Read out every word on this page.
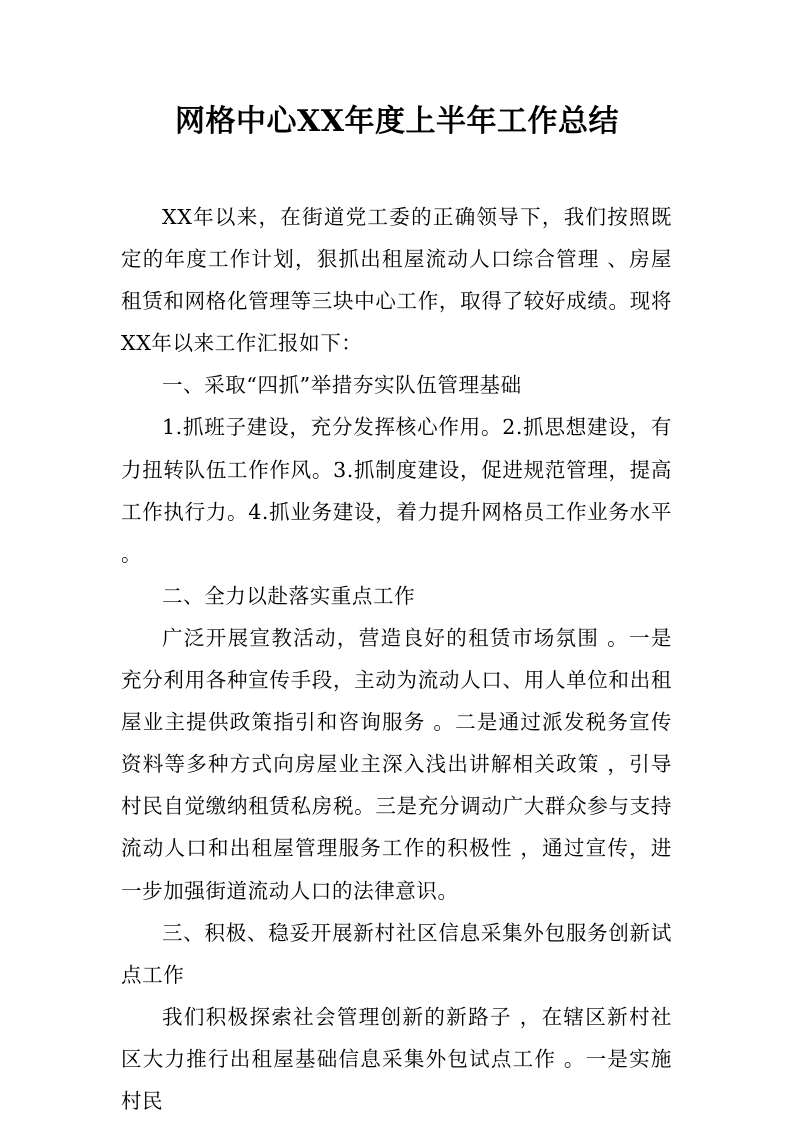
网格中心XX年度上半年工作总结

XX年以来，在街道党工委的正确领导下，我们按照既定的年度工作计划，狠抓出租屋流动人口综合管理 、房屋租赁和网格化管理等三块中心工作，取得了较好成绩。现将XX年以来工作汇报如下：

一、采取“四抓”举措夯实队伍管理基础

1.抓班子建设，充分发挥核心作用。2.抓思想建设，有力扭转队伍工作作风。3.抓制度建设，促进规范管理，提高工作执行力。4.抓业务建设，着力提升网格员工作业务水平 。

二、全力以赴落实重点工作

广泛开展宣教活动，营造良好的租赁市场氛围 。一是充分利用各种宣传手段，主动为流动人口、用人单位和出租屋业主提供政策指引和咨询服务 。二是通过派发税务宣传资料等多种方式向房屋业主深入浅出讲解相关政策 ，引导村民自觉缴纳租赁私房税。三是充分调动广大群众参与支持流动人口和出租屋管理服务工作的积极性 ，通过宣传，进一步加强街道流动人口的法律意识。

三、积极、稳妥开展新村社区信息采集外包服务创新试点工作

我们积极探索社会管理创新的新路子 ，在辖区新村社区大力推行出租屋基础信息采集外包试点工作 。一是实施村民
